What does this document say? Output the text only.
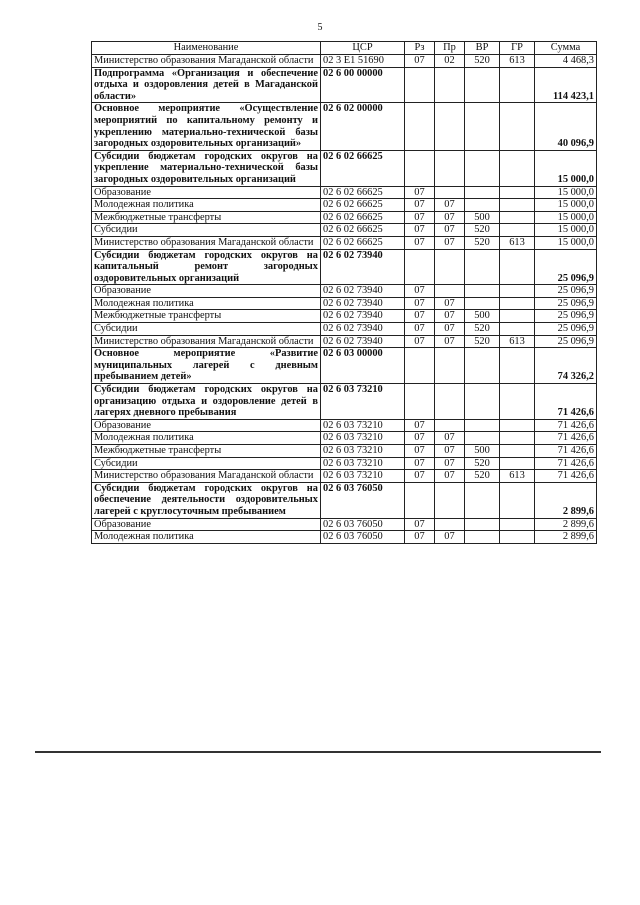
5
Наименование	ЦСР	Рз	Пр	ВР	ГР	Сумма
Министерство образования Магаданской области	02 3 Е1 51690	07	02	520	613	4 468,3
Подпрограмма «Организация и обеспечение отдыха и оздоровления детей в Магаданской области»	02 6 00 00000					114 423,1
Основное мероприятие «Осуществление мероприятий по капитальному ремонту и укреплению материально-технической базы загородных оздоровительных организаций»	02 6 02 00000					40 096,9
Субсидии бюджетам городских округов на укрепление материально-технической базы загородных оздоровительных организаций	02 6 02 66625					15 000,0
Образование	02 6 02 66625	07				15 000,0
Молодежная политика	02 6 02 66625	07	07			15 000,0
Межбюджетные трансферты	02 6 02 66625	07	07	500		15 000,0
Субсидии	02 6 02 66625	07	07	520		15 000,0
Министерство образования Магаданской области	02 6 02 66625	07	07	520	613	15 000,0
Субсидии бюджетам городских округов на капитальный ремонт загородных оздоровительных организаций	02 6 02 73940					25 096,9
Образование	02 6 02 73940	07				25 096,9
Молодежная политика	02 6 02 73940	07	07			25 096,9
Межбюджетные трансферты	02 6 02 73940	07	07	500		25 096,9
Субсидии	02 6 02 73940	07	07	520		25 096,9
Министерство образования Магаданской области	02 6 02 73940	07	07	520	613	25 096,9
Основное мероприятие «Развитие муниципальных лагерей с дневным пребыванием детей»	02 6 03 00000					74 326,2
Субсидии бюджетам городских округов на организацию отдыха и оздоровление детей в лагерях дневного пребывания	02 6 03 73210					71 426,6
Образование	02 6 03 73210	07				71 426,6
Молодежная политика	02 6 03 73210	07	07			71 426,6
Межбюджетные трансферты	02 6 03 73210	07	07	500		71 426,6
Субсидии	02 6 03 73210	07	07	520		71 426,6
Министерство образования Магаданской области	02 6 03 73210	07	07	520	613	71 426,6
Субсидии бюджетам городских округов на обеспечение деятельности оздоровительных лагерей с круглосуточным пребыванием	02 6 03 76050					2 899,6
Образование	02 6 03 76050	07				2 899,6
Молодежная политика	02 6 03 76050	07	07			2 899,6
